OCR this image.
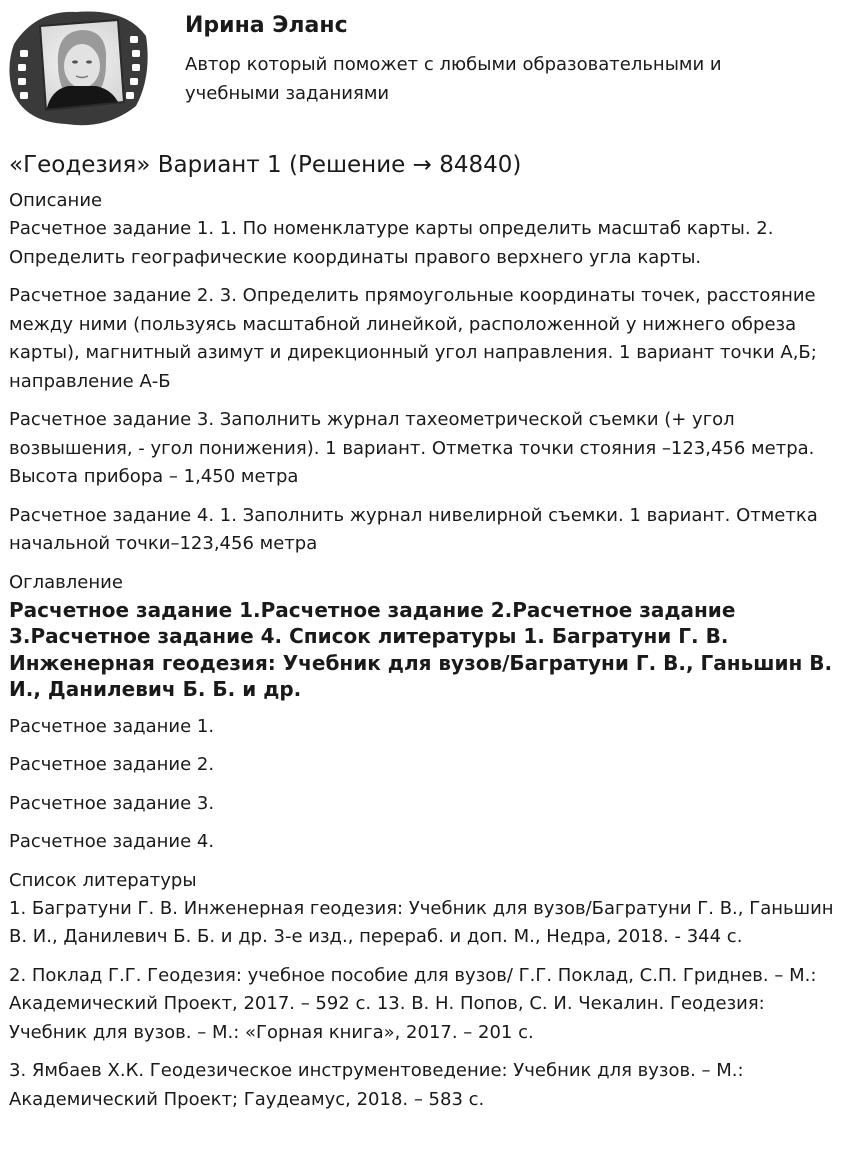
Ирина Эланс

Автор который поможет с любыми образовательными и учебными заданиями

«Геодезия» Вариант 1 (Решение → 84840)

Описание

Расчетное задание 1. 1. По номенклатуре карты определить масштаб карты. 2. Определить географические координаты правого верхнего угла карты.

Расчетное задание 2. 3. Определить прямоугольные координаты точек, расстояние между ними (пользуясь масштабной линейкой, расположенной у нижнего обреза карты), магнитный азимут и дирекционный угол направления. 1 вариант точки А,Б; направление А-Б

Расчетное задание 3. Заполнить журнал тахеометрической съемки (+ угол возвышения, - угол понижения). 1 вариант. Отметка точки стояния –123,456 метра. Высота прибора – 1,450 метра

Расчетное задание 4. 1. Заполнить журнал нивелирной съемки. 1 вариант. Отметка начальной точки–123,456 метра

Оглавление

Расчетное задание 1.Расчетное задание 2.Расчетное задание 3.Расчетное задание 4. Список литературы 1. Багратуни Г. В. Инженерная геодезия: Учебник для вузов/Багратуни Г. В., Ганьшин В. И., Данилевич Б. Б. и др.

Расчетное задание 1.

Расчетное задание 2.

Расчетное задание 3.

Расчетное задание 4.

Список литературы

1. Багратуни Г. В. Инженерная геодезия: Учебник для вузов/Багратуни Г. В., Ганьшин В. И., Данилевич Б. Б. и др. 3-е изд., перераб. и доп. М., Недра, 2018. - 344 с.

2. Поклад Г.Г. Геодезия: учебное пособие для вузов/ Г.Г. Поклад, С.П. Гриднев. – М.: Академический Проект, 2017. – 592 с. 13. В. Н. Попов, С. И. Чекалин. Геодезия: Учебник для вузов. – М.: «Горная книга», 2017. – 201 с.

3. Ямбаев Х.К. Геодезическое инструментоведение: Учебник для вузов. – М.: Академический Проект; Гаудеамус, 2018. – 583 с.
